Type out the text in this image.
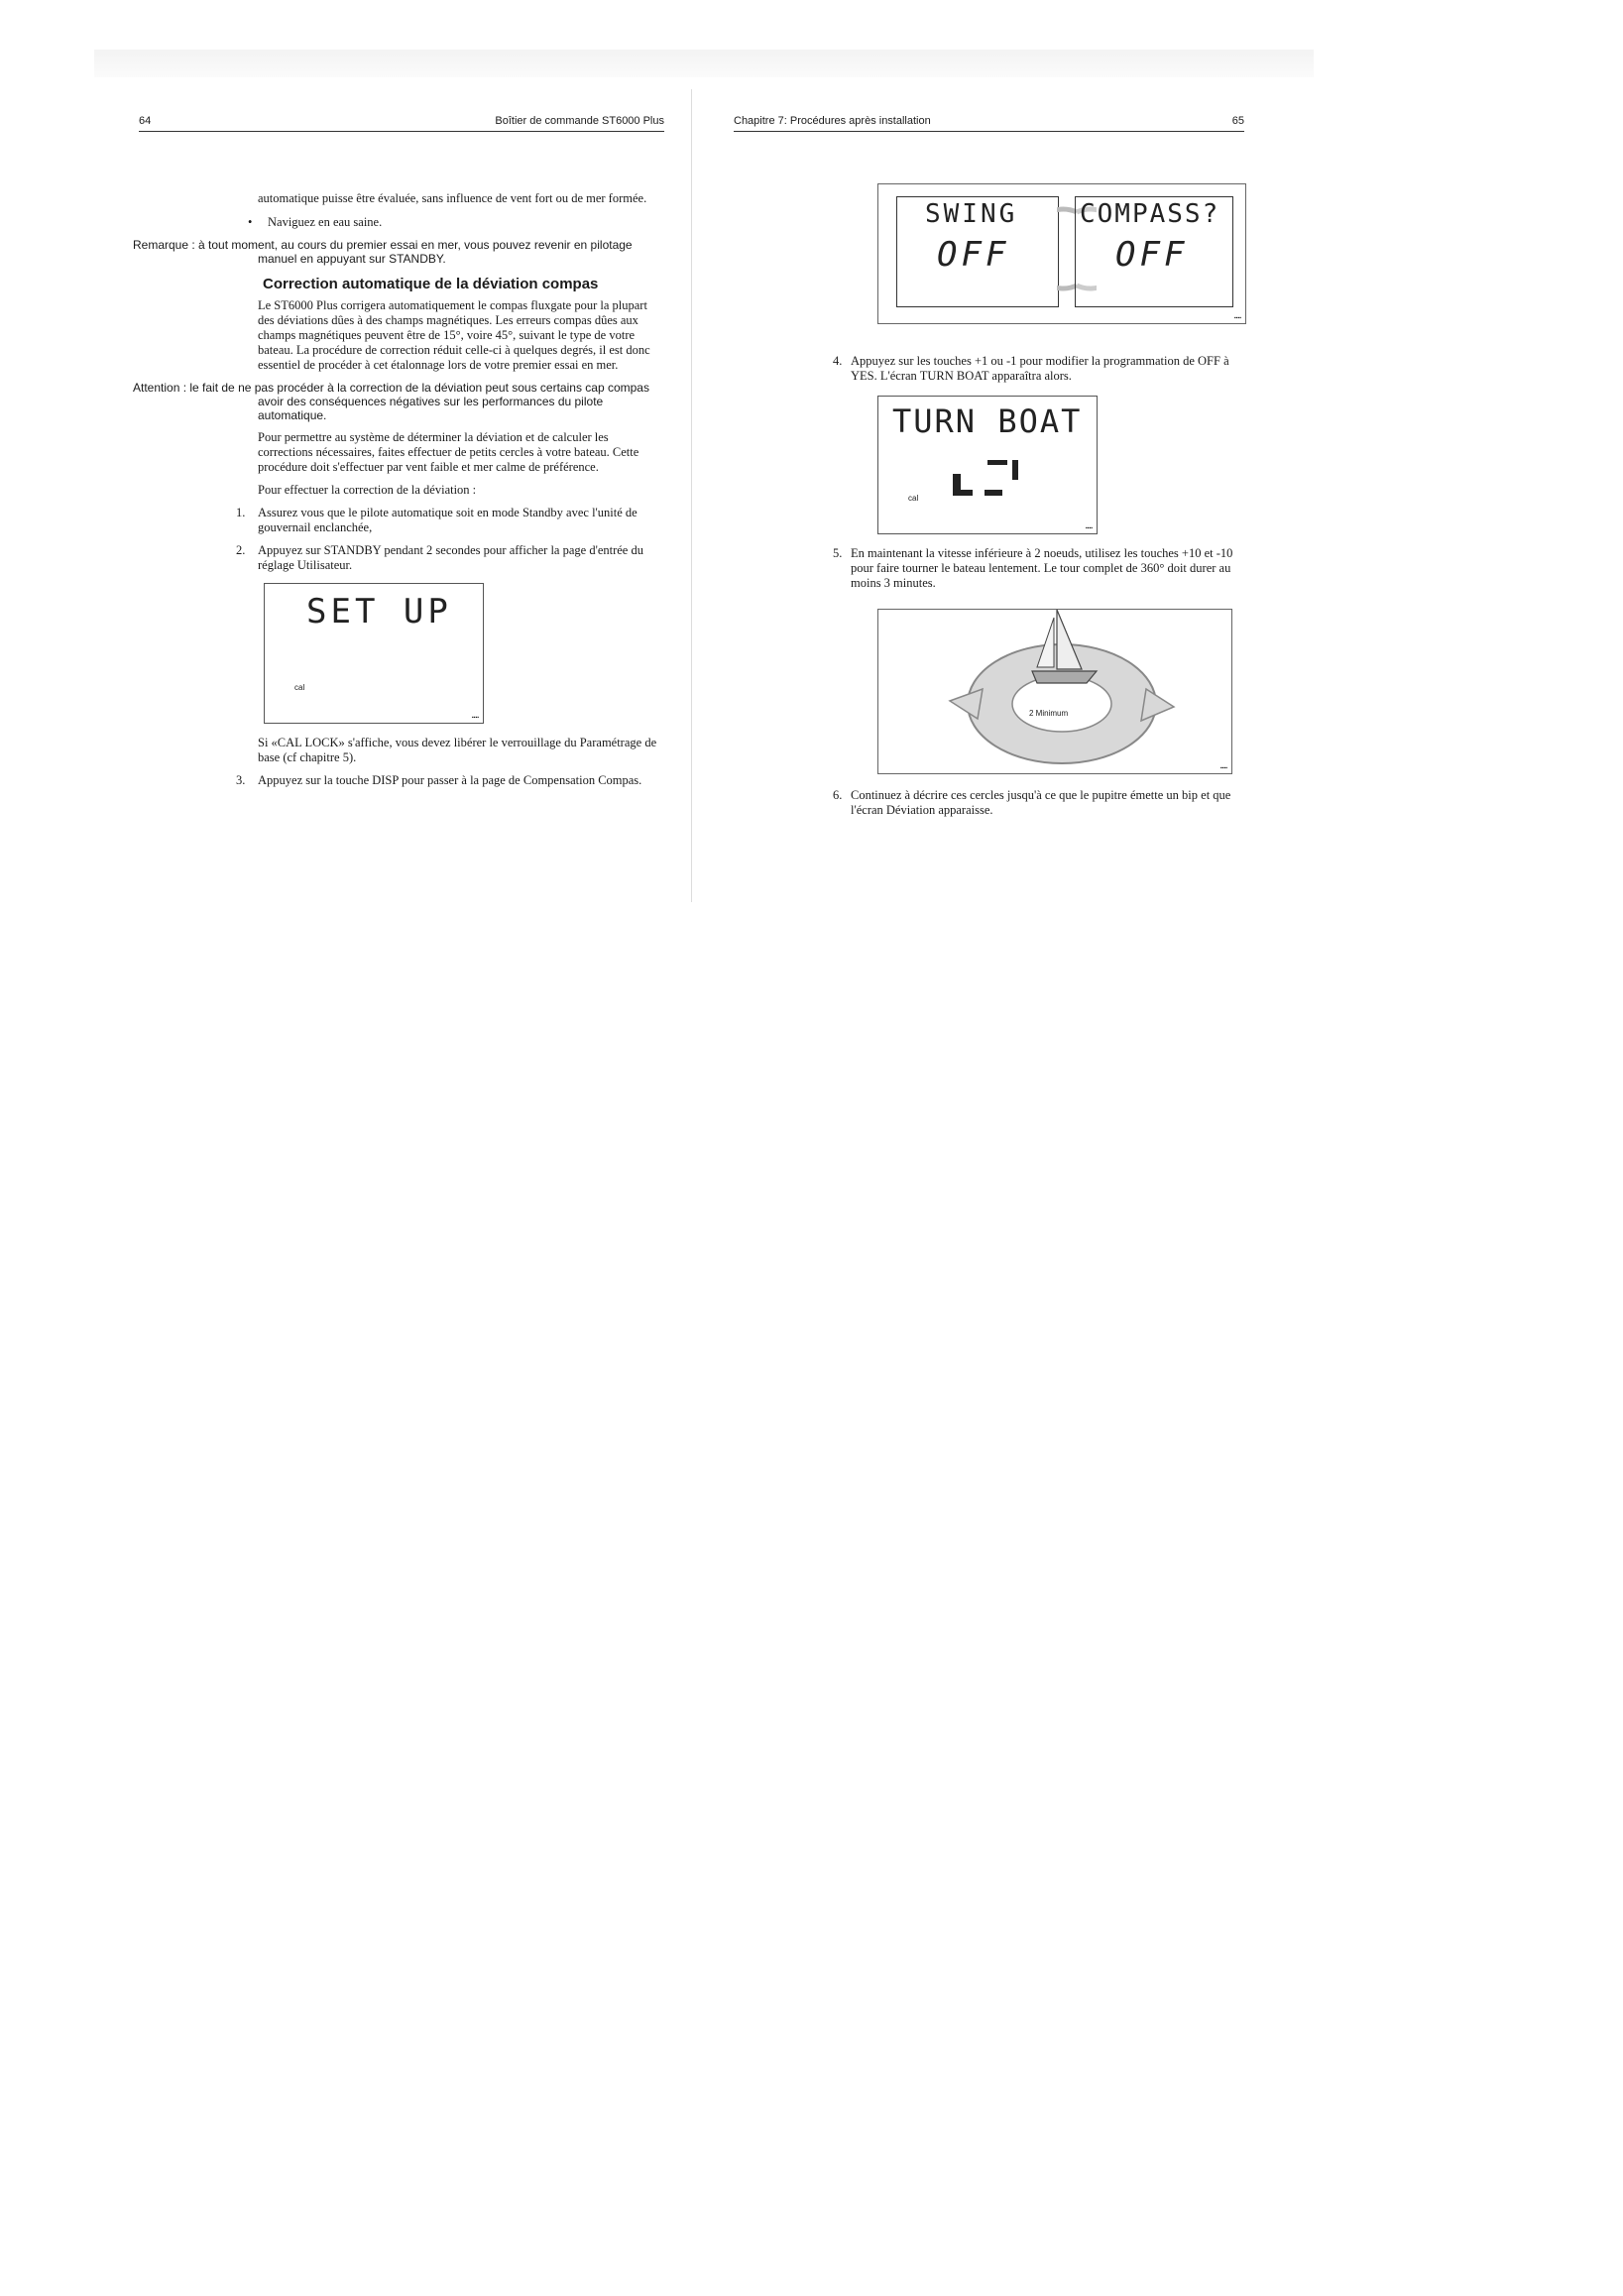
64	Boîtier de commande ST6000 Plus

automatique puisse être évaluée, sans influence de vent fort ou de mer formée.

• Naviguez en eau saine.

Remarque : à tout moment, au cours du premier essai en mer, vous pouvez revenir en pilotage manuel en appuyant sur STANDBY.

Correction automatique de la déviation compas

Le ST6000 Plus corrigera automatiquement le compas fluxgate pour la plupart des déviations dûes à des champs magnétiques. Les erreurs compas dûes aux champs magnétiques peuvent être de 15°, voire 45°, suivant le type de votre bateau. La procédure de correction réduit celle-ci à quelques degrés, il est donc essentiel de procéder à cet étalonnage lors de votre premier essai en mer.

Attention : le fait de ne pas procéder à la correction de la déviation peut sous certains cap compas avoir des conséquences négatives sur les performances du pilote automatique.

Pour permettre au système de déterminer la déviation et de calculer les corrections nécessaires, faites effectuer de petits cercles à votre bateau. Cette procédure doit s'effectuer par vent faible et mer calme de préférence.

Pour effectuer la correction de la déviation :

1. Assurez vous que le pilote automatique soit en mode Standby avec l'unité de gouvernail enclanchée,

2. Appuyez sur STANDBY pendant 2 secondes pour afficher la page d'entrée du réglage Utilisateur.

SET UP
cal
▪▪▪▪

Si «CAL LOCK» s'affiche, vous devez libérer le verrouillage du Paramétrage de base (cf chapitre 5).

3. Appuyez sur la touche DISP pour passer à la page de Compensation Compas.

Chapitre 7: Procédures après installation	65
SWING
OFF
COMPASS?
OFF
▪▪▪▪
4. Appuyez sur les touches +1 ou -1 pour modifier la programmation de OFF à YES. L'écran TURN BOAT apparaîtra alors.

TURN BOAT
cal
▪▪▪▪
5. En maintenant la vitesse inférieure à 2 noeuds, utilisez les touches +10 et -10 pour faire tourner le bateau lentement. Le tour complet de 360° doit durer au moins 3 minutes.

2 Minimum
▪▪▪▪
6. Continuez à décrire ces cercles jusqu'à ce que le pupitre émette un bip et que l'écran Déviation apparaisse.
